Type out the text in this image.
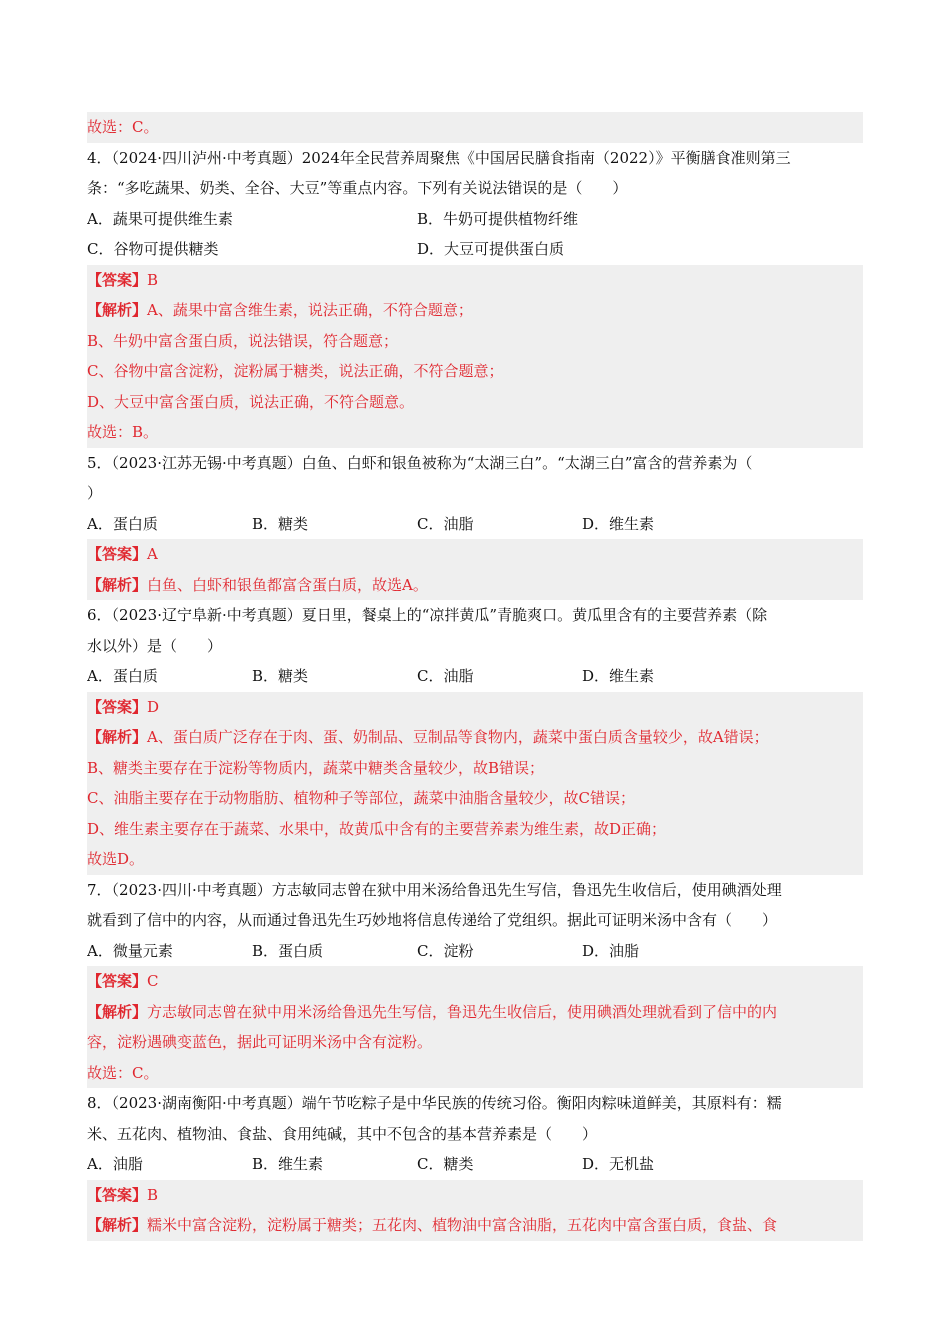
故选：C。
4．（2024·四川泸州·中考真题）2024年全民营养周聚焦《中国居民膳食指南（2022）》平衡膳食准则第三
条：“多吃蔬果、奶类、全谷、大豆”等重点内容。下列有关说法错误的是（　　）
A．蔬果可提供维生素	B．牛奶可提供植物纤维
C．谷物可提供糖类	D．大豆可提供蛋白质
【答案】B
【解析】A、蔬果中富含维生素，说法正确，不符合题意；
B、牛奶中富含蛋白质，说法错误，符合题意；
C、谷物中富含淀粉，淀粉属于糖类，说法正确，不符合题意；
D、大豆中富含蛋白质，说法正确，不符合题意。
故选：B。
5．（2023·江苏无锡·中考真题）白鱼、白虾和银鱼被称为“太湖三白”。“太湖三白”富含的营养素为（
）
A．蛋白质	B．糖类	C．油脂	D．维生素
【答案】A
【解析】白鱼、白虾和银鱼都富含蛋白质，故选A。
6．（2023·辽宁阜新·中考真题）夏日里，餐桌上的“凉拌黄瓜”青脆爽口。黄瓜里含有的主要营养素（除
水以外）是（　　）
A．蛋白质	B．糖类	C．油脂	D．维生素
【答案】D
【解析】A、蛋白质广泛存在于肉、蛋、奶制品、豆制品等食物内，蔬菜中蛋白质含量较少，故A错误；
B、糖类主要存在于淀粉等物质内，蔬菜中糖类含量较少，故B错误；
C、油脂主要存在于动物脂肪、植物种子等部位，蔬菜中油脂含量较少，故C错误；
D、维生素主要存在于蔬菜、水果中，故黄瓜中含有的主要营养素为维生素，故D正确；
故选D。
7．（2023·四川·中考真题）方志敏同志曾在狱中用米汤给鲁迅先生写信，鲁迅先生收信后，使用碘酒处理
就看到了信中的内容，从而通过鲁迅先生巧妙地将信息传递给了党组织。据此可证明米汤中含有（　　）
A．微量元素	B．蛋白质	C．淀粉	D．油脂
【答案】C
【解析】方志敏同志曾在狱中用米汤给鲁迅先生写信，鲁迅先生收信后，使用碘酒处理就看到了信中的内
容，淀粉遇碘变蓝色，据此可证明米汤中含有淀粉。
故选：C。
8．（2023·湖南衡阳·中考真题）端午节吃粽子是中华民族的传统习俗。衡阳肉粽味道鲜美，其原料有：糯
米、五花肉、植物油、食盐、食用纯碱，其中不包含的基本营养素是（　　）
A．油脂	B．维生素	C．糖类	D．无机盐
【答案】B
【解析】糯米中富含淀粉，淀粉属于糖类；五花肉、植物油中富含油脂，五花肉中富含蛋白质，食盐、食
